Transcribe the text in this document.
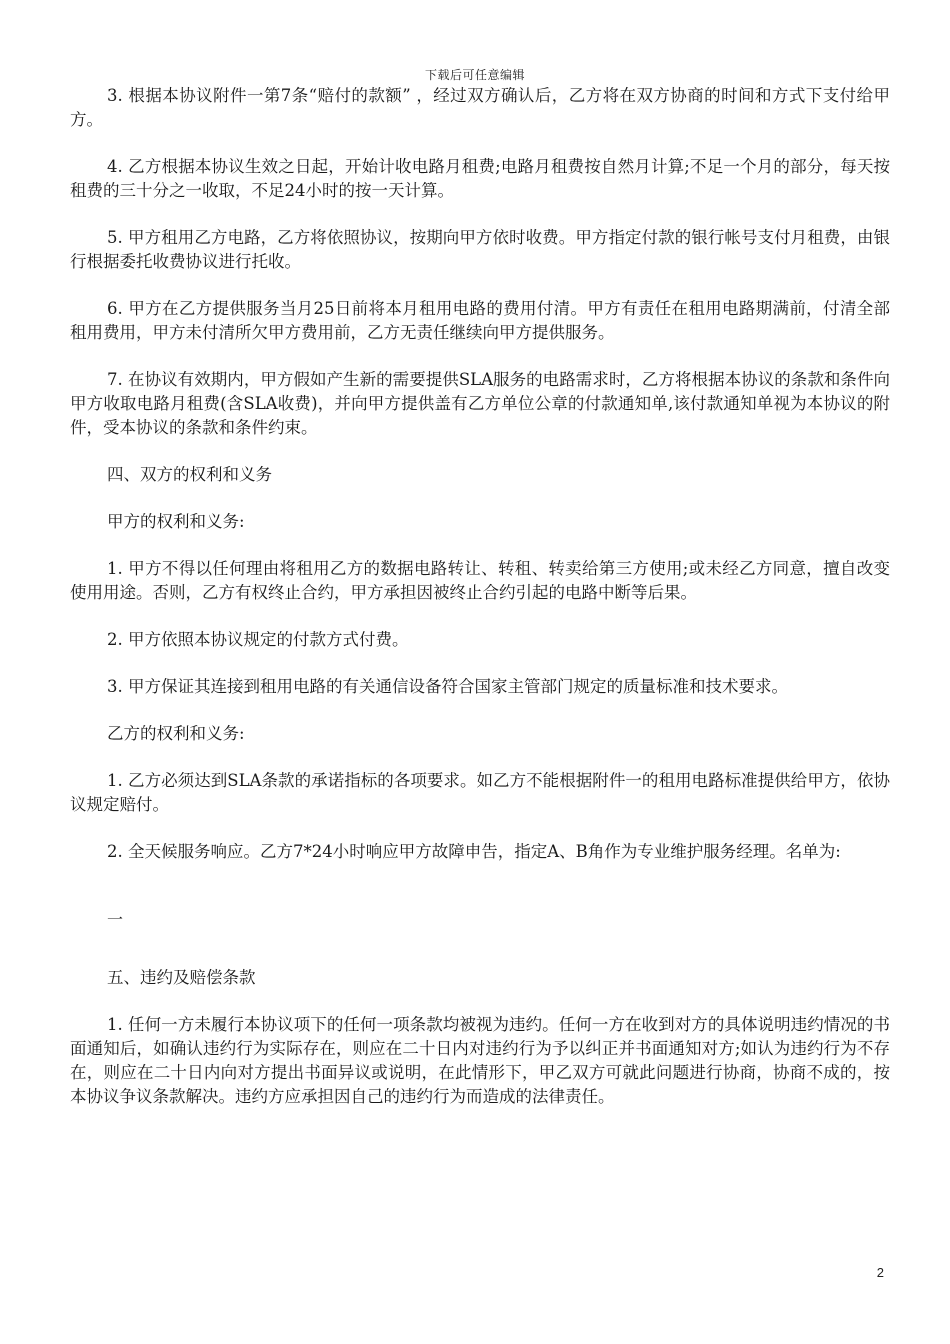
下载后可任意编辑

3. 根据本协议附件一第7条“赔付的款额” ，经过双方确认后，乙方将在双方协商的时间和方式下支付给甲方。

4. 乙方根据本协议生效之日起，开始计收电路月租费;电路月租费按自然月计算;不足一个月的部分，每天按租费的三十分之一收取，不足24小时的按一天计算。

5. 甲方租用乙方电路，乙方将依照协议，按期向甲方依时收费。甲方指定付款的银行帐号支付月租费，由银行根据委托收费协议进行托收。

6. 甲方在乙方提供服务当月25日前将本月租用电路的费用付清。甲方有责任在租用电路期满前，付清全部租用费用，甲方未付清所欠甲方费用前，乙方无责任继续向甲方提供服务。

7. 在协议有效期内，甲方假如产生新的需要提供SLA服务的电路需求时，乙方将根据本协议的条款和条件向甲方收取电路月租费(含SLA收费)，并向甲方提供盖有乙方单位公章的付款通知单,该付款通知单视为本协议的附件，受本协议的条款和条件约束。

四、双方的权利和义务

甲方的权利和义务:

1. 甲方不得以任何理由将租用乙方的数据电路转让、转租、转卖给第三方使用;或未经乙方同意，擅自改变使用用途。否则，乙方有权终止合约，甲方承担因被终止合约引起的电路中断等后果。

2. 甲方依照本协议规定的付款方式付费。

3. 甲方保证其连接到租用电路的有关通信设备符合国家主管部门规定的质量标准和技术要求。

乙方的权利和义务:

1. 乙方必须达到SLA条款的承诺指标的各项要求。如乙方不能根据附件一的租用电路标准提供给甲方，依协议规定赔付。

2. 全天候服务响应。乙方7*24小时响应甲方故障申告，指定A、B角作为专业维护服务经理。名单为:

一

五、违约及赔偿条款

1. 任何一方未履行本协议项下的任何一项条款均被视为违约。任何一方在收到对方的具体说明违约情况的书面通知后，如确认违约行为实际存在，则应在二十日内对违约行为予以纠正并书面通知对方;如认为违约行为不存在，则应在二十日内向对方提出书面异议或说明，在此情形下，甲乙双方可就此问题进行协商，协商不成的，按本协议争议条款解决。违约方应承担因自己的违约行为而造成的法律责任。

2
